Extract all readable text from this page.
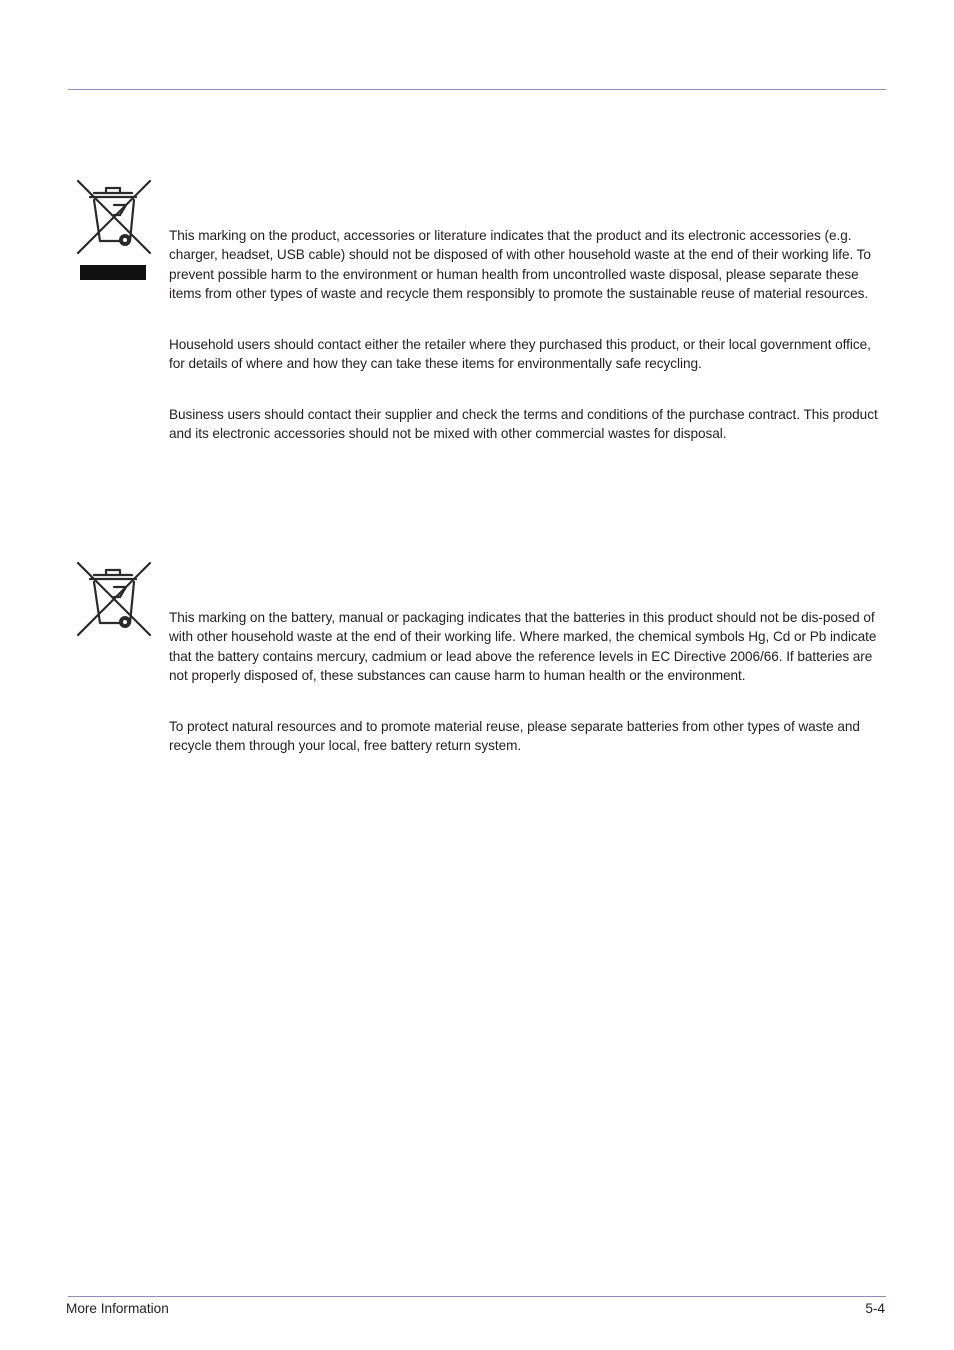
This marking on the product, accessories or literature indicates that the product and its electronic accessories (e.g. charger, headset, USB cable) should not be disposed of with other household waste at the end of their working life. To prevent possible harm to the environment or human health from uncontrolled waste disposal, please separate these items from other types of waste and recycle them responsibly to promote the sustainable reuse of material resources.

Household users should contact either the retailer where they purchased this product, or their local government office, for details of where and how they can take these items for environmentally safe recycling.

Business users should contact their supplier and check the terms and conditions of the purchase contract. This product and its electronic accessories should not be mixed with other commercial wastes for disposal.

This marking on the battery, manual or packaging indicates that the batteries in this product should not be dis-posed of with other household waste at the end of their working life. Where marked, the chemical symbols Hg, Cd or Pb indicate that the battery contains mercury, cadmium or lead above the reference levels in EC Directive 2006/66. If batteries are not properly disposed of, these substances can cause harm to human health or the environment.

To protect natural resources and to promote material reuse, please separate batteries from other types of waste and recycle them through your local, free battery return system.

More Information	5-4
